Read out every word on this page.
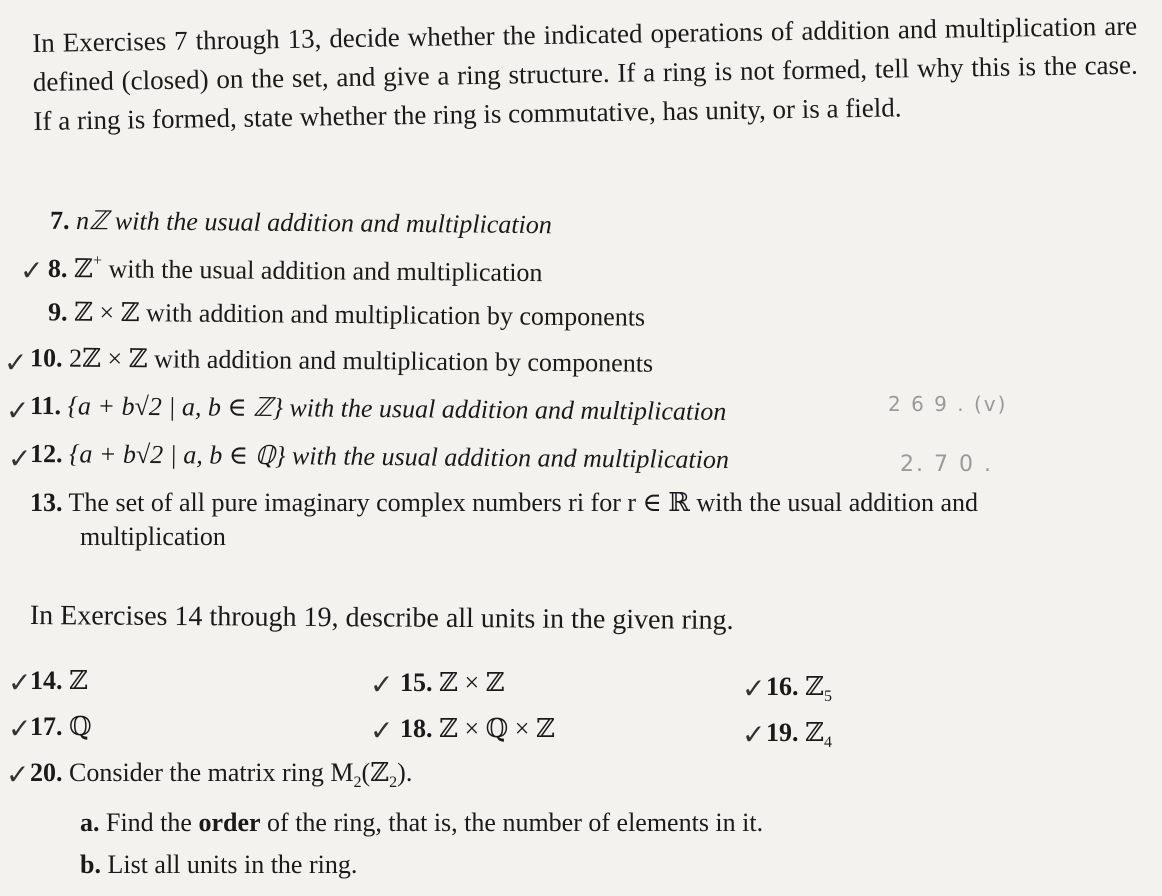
In Exercises 7 through 13, decide whether the indicated operations of addition and multiplication are defined (closed) on the set, and give a ring structure. If a ring is not formed, tell why this is the case. If a ring is formed, state whether the ring is commutative, has unity, or is a field.
7. nℤ with the usual addition and multiplication
✓ 8. ℤ+ with the usual addition and multiplication
9. ℤ × ℤ with addition and multiplication by components
✓ 10. 2ℤ × ℤ with addition and multiplication by components
✓ 11. {a + b√2 | a, b ∈ ℤ} with the usual addition and multiplication	2 6 9 . (v)
✓
12. {a + b√2 | a, b ∈ ℚ} with the usual addition and multiplication	2. 7 0 .
13. The set of all pure imaginary complex numbers ri for r ∈ ℝ with the usual addition and
multiplication
In Exercises 14 through 19, describe all units in the given ring.
✓
14. ℤ	✓ 15. ℤ × ℤ	✓ 16. ℤ$_5$
✓
17. ℚ	✓ 18. ℤ × ℚ × ℤ	✓ 19. ℤ$_4$
✓ 20. Consider the matrix ring $M_2(ℤ_2)$.
a. Find the order of the ring, that is, the number of elements in it.
b. List all units in the ring.
